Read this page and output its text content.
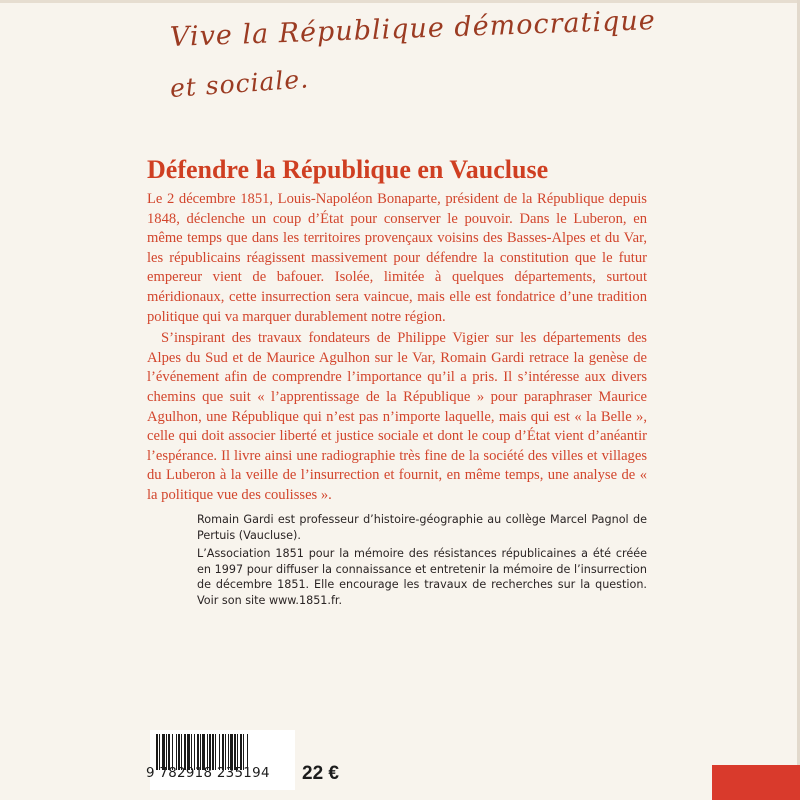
Vive la République démocratique
et sociale.
Défendre la République en Vaucluse

Le 2 décembre 1851, Louis-Napoléon Bonaparte, président de la République depuis 1848, déclenche un coup d’État pour conserver le pouvoir. Dans le Luberon, en même temps que dans les territoires provençaux voisins des Basses-Alpes et du Var, les républicains réagissent massivement pour défendre la constitution que le futur empereur vient de bafouer. Isolée, limitée à quelques départements, surtout méridionaux, cette insurrection sera vaincue, mais elle est fondatrice d’une tradition politique qui va marquer durablement notre région.

S’inspirant des travaux fondateurs de Philippe Vigier sur les départements des Alpes du Sud et de Maurice Agulhon sur le Var, Romain Gardi retrace la genèse de l’événement afin de comprendre l’importance qu’il a pris. Il s’intéresse aux divers chemins que suit « l’apprentissage de la République » pour paraphraser Maurice Agulhon, une République qui n’est pas n’importe laquelle, mais qui est « la Belle », celle qui doit associer liberté et justice sociale et dont le coup d’État vient d’anéantir l’espérance. Il livre ainsi une radiographie très fine de la société des villes et villages du Luberon à la veille de l’insurrection et fournit, en même temps, une analyse de « la politique vue des coulisses ».

Romain Gardi est professeur d’histoire-géographie au collège Marcel Pagnol de Pertuis (Vaucluse).

L’Association 1851 pour la mémoire des résistances républicaines a été créée en 1997 pour diffuser la connaissance et entretenir la mémoire de l’insurrection de décembre 1851. Elle encourage les travaux de recherches sur la question. Voir son site www.1851.fr.

9 782918 235194	22 €
